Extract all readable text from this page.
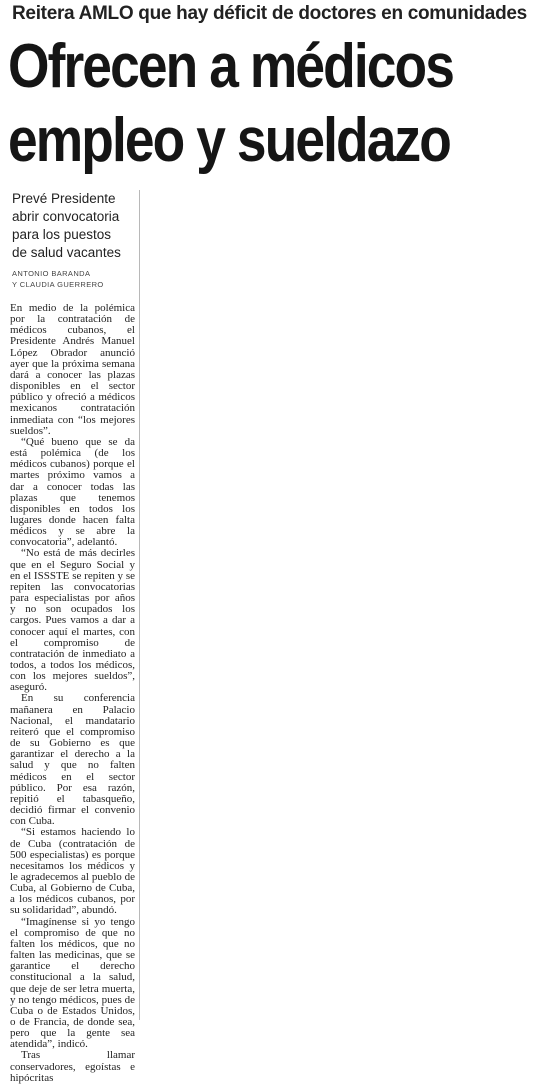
Reitera AMLO que hay déficit de doctores en comunidades
Ofrecen a médicos
empleo y sueldazo
Prevé Presidente
abrir convocatoria
para los puestos
de salud vacantes
ANTONIO BARANDA
Y CLAUDIA GUERRERO

En medio de la polémica por la contratación de médicos cubanos, el Presidente Andrés Manuel López Obrador anunció ayer que la próxima semana dará a conocer las plazas disponibles en el sector público y ofreció a médicos mexicanos contratación inmediata con “los mejores sueldos”.

“Qué bueno que se da está polémica (de los médicos cubanos) porque el martes próximo vamos a dar a conocer todas las plazas que tenemos disponibles en todos los lugares donde hacen falta médicos y se abre la convocatoria”, adelantó.

“No está de más decirles que en el Seguro Social y en el ISSSTE se repiten y se repiten las convocatorias para especialistas por años y no son ocupados los cargos. Pues vamos a dar a conocer aquí el martes, con el compromiso de contratación de inmediato a todos, a todos los médicos, con los mejores sueldos”, aseguró.

En su conferencia mañanera en Palacio Nacional, el mandatario reiteró que el compromiso de su Gobierno es que garantizar el derecho a la salud y que no falten médicos en el sector público. Por esa razón, repitió el tabasqueño, decidió firmar el convenio con Cuba.

“Si estamos haciendo lo de Cuba (contratación de 500 especialistas) es porque necesitamos los médicos y le agradecemos al pueblo de Cuba, al Gobierno de Cuba, a los médicos cubanos, por su solidaridad”, abundó.

“Imagínense si yo tengo el compromiso de que no falten los médicos, que no falten las medicinas, que se garantice el derecho constitucional a la salud, que deje de ser letra muerta, y no tengo médicos, pues de Cuba o de Estados Unidos, o de Francia, de donde sea, pero que la gente sea atendida”, indicó.

Tras llamar conservadores, egoístas e hipócritas
